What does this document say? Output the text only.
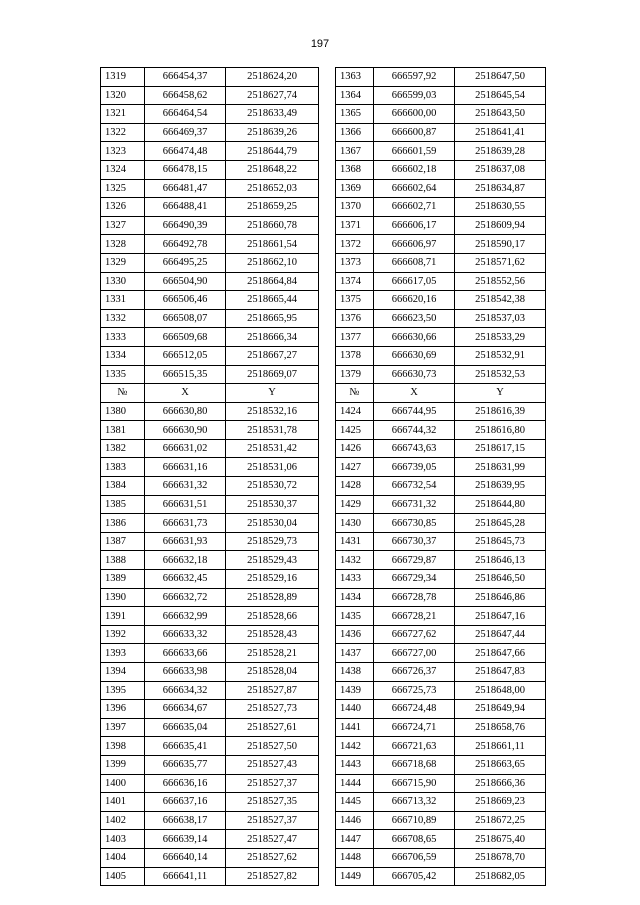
197
1319	666454,37	2518624,20
1320	666458,62	2518627,74
1321	666464,54	2518633,49
1322	666469,37	2518639,26
1323	666474,48	2518644,79
1324	666478,15	2518648,22
1325	666481,47	2518652,03
1326	666488,41	2518659,25
1327	666490,39	2518660,78
1328	666492,78	2518661,54
1329	666495,25	2518662,10
1330	666504,90	2518664,84
1331	666506,46	2518665,44
1332	666508,07	2518665,95
1333	666509,68	2518666,34
1334	666512,05	2518667,27
1335	666515,35	2518669,07
№	X	Y
1380	666630,80	2518532,16
1381	666630,90	2518531,78
1382	666631,02	2518531,42
1383	666631,16	2518531,06
1384	666631,32	2518530,72
1385	666631,51	2518530,37
1386	666631,73	2518530,04
1387	666631,93	2518529,73
1388	666632,18	2518529,43
1389	666632,45	2518529,16
1390	666632,72	2518528,89
1391	666632,99	2518528,66
1392	666633,32	2518528,43
1393	666633,66	2518528,21
1394	666633,98	2518528,04
1395	666634,32	2518527,87
1396	666634,67	2518527,73
1397	666635,04	2518527,61
1398	666635,41	2518527,50
1399	666635,77	2518527,43
1400	666636,16	2518527,37
1401	666637,16	2518527,35
1402	666638,17	2518527,37
1403	666639,14	2518527,47
1404	666640,14	2518527,62
1405	666641,11	2518527,82
1363	666597,92	2518647,50
1364	666599,03	2518645,54
1365	666600,00	2518643,50
1366	666600,87	2518641,41
1367	666601,59	2518639,28
1368	666602,18	2518637,08
1369	666602,64	2518634,87
1370	666602,71	2518630,55
1371	666606,17	2518609,94
1372	666606,97	2518590,17
1373	666608,71	2518571,62
1374	666617,05	2518552,56
1375	666620,16	2518542,38
1376	666623,50	2518537,03
1377	666630,66	2518533,29
1378	666630,69	2518532,91
1379	666630,73	2518532,53
№	X	Y
1424	666744,95	2518616,39
1425	666744,32	2518616,80
1426	666743,63	2518617,15
1427	666739,05	2518631,99
1428	666732,54	2518639,95
1429	666731,32	2518644,80
1430	666730,85	2518645,28
1431	666730,37	2518645,73
1432	666729,87	2518646,13
1433	666729,34	2518646,50
1434	666728,78	2518646,86
1435	666728,21	2518647,16
1436	666727,62	2518647,44
1437	666727,00	2518647,66
1438	666726,37	2518647,83
1439	666725,73	2518648,00
1440	666724,48	2518649,94
1441	666724,71	2518658,76
1442	666721,63	2518661,11
1443	666718,68	2518663,65
1444	666715,90	2518666,36
1445	666713,32	2518669,23
1446	666710,89	2518672,25
1447	666708,65	2518675,40
1448	666706,59	2518678,70
1449	666705,42	2518682,05
